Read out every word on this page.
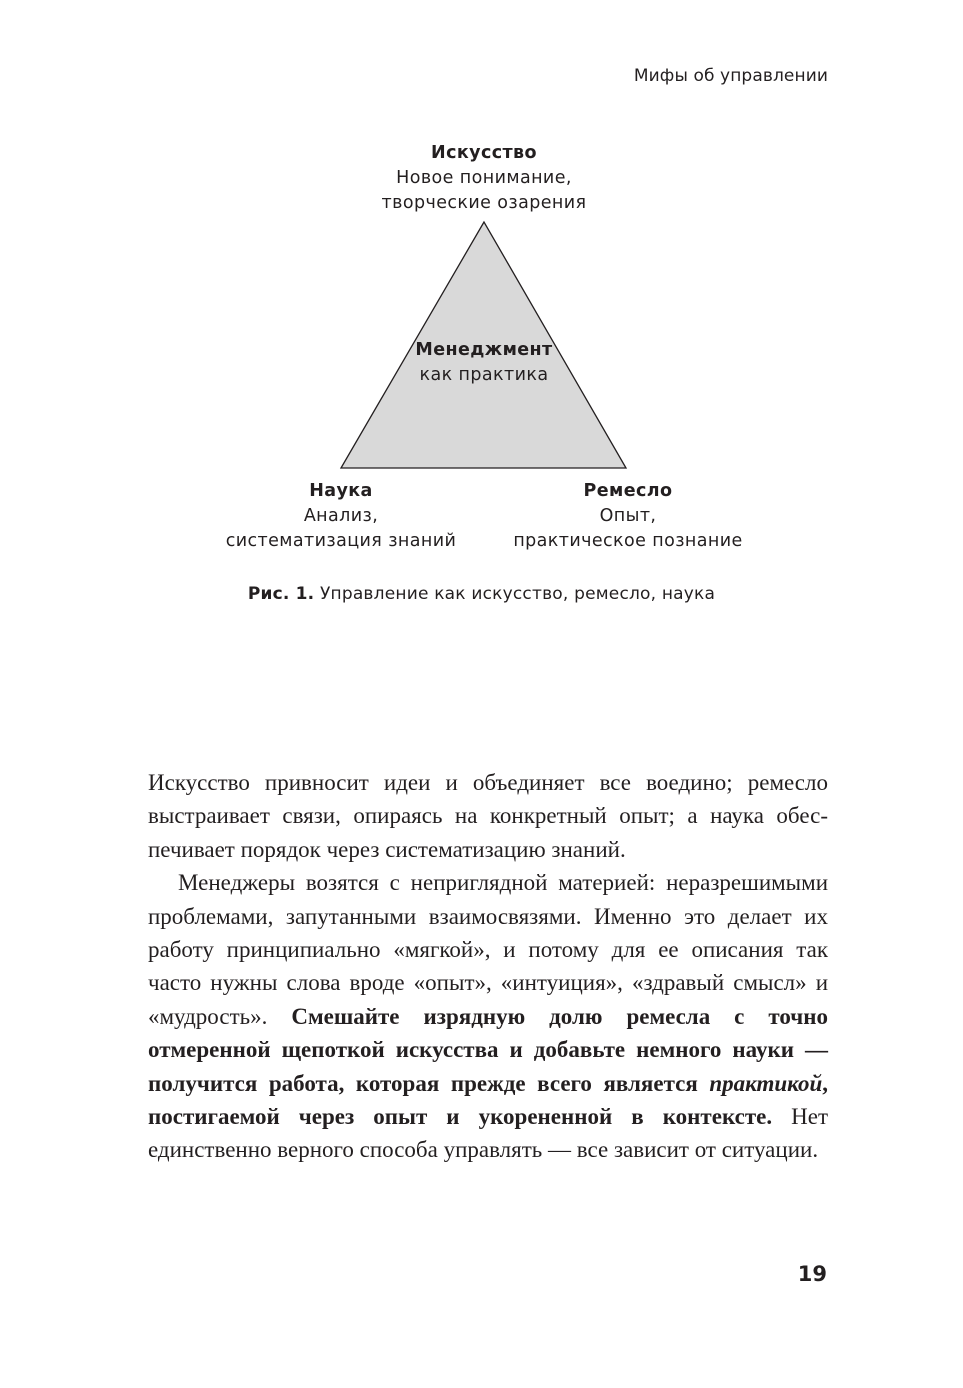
Мифы об управлении
Искусство
Новое понимание,
творческие озарения
Менеджмент
как практика
Наука
Анализ,
систематизация знаний
Ремесло
Опыт,
практическое познание
Рис. 1. Управление как искусство, ремесло, наука

Искусство привносит идеи и объединяет все воедино; ремесло выстраивает связи, опираясь на конкретный опыт; а наука обеспечивает порядок через систематизацию знаний.

Менеджеры возятся с неприглядной материей: неразрешимыми проблемами, запутанными взаимосвязями. Именно это делает их работу принципиально «мягкой», и потому для ее описания так часто нужны слова вроде «опыт», «интуиция», «здравый смысл» и «мудрость». Смешайте изрядную долю ремесла с точно отмеренной щепоткой искусства и добавьте немного науки — получится работа, которая прежде всего является практикой, постигаемой через опыт и укорененной в контексте. Нет единственно верного способа управлять — все зависит от ситуации.

19
